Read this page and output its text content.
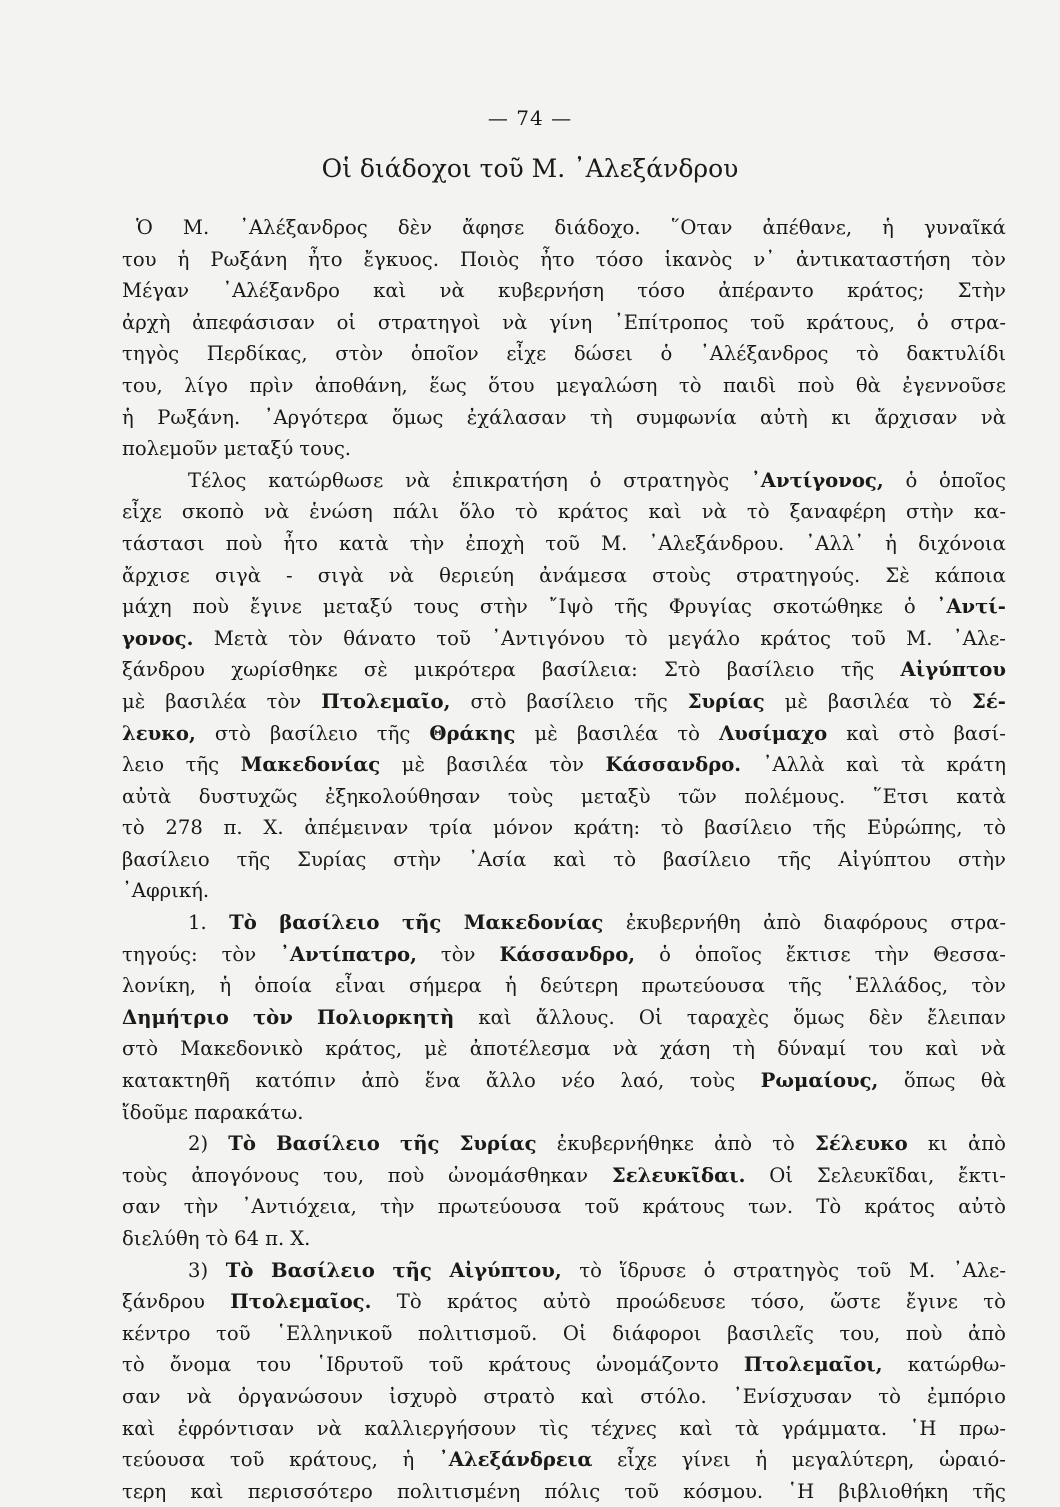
— 74 —
Οἱ διάδοχοι τοῦ Μ. ᾿Αλεξάνδρου
Ὁ Μ. ᾿Αλέξανδρος δὲν ἄφησε διάδοχο. ῞Οταν ἀπέθανε, ἡ γυναῖκά
του ἡ Ρωξάνη ἦτο ἔγκυος. Ποιὸς ἦτο τόσο ἱκανὸς ν᾿ ἀντικαταστήση τὸν
Μέγαν ᾿Αλέξανδρο καὶ νὰ κυβερνήση τόσο ἀπέραντο κράτος; Στὴν
ἀρχὴ ἀπεφάσισαν οἱ στρατηγοὶ νὰ γίνη ᾿Επίτροπος τοῦ κράτους, ὁ στρα-
τηγὸς Περδίκας, στὸν ὁποῖον εἶχε δώσει ὁ ᾿Αλέξανδρος τὸ δακτυλίδι
του, λίγο πρὶν ἀποθάνη, ἕως ὅτου μεγαλώση τὸ παιδὶ ποὺ θὰ ἐγεννοῦσε
ἡ Ρωξάνη. ᾿Αργότερα ὅμως ἐχάλασαν τὴ συμφωνία αὐτὴ κι ἄρχισαν νὰ
πολεμοῦν μεταξύ τους.
Τέλος κατώρθωσε νὰ ἐπικρατήση ὁ στρατηγὸς ᾿Αντίγονος, ὁ ὁποῖος
εἶχε σκοπὸ νὰ ἑνώση πάλι ὅλο τὸ κράτος καὶ νὰ τὸ ξαναφέρη στὴν κα-
τάστασι ποὺ ἦτο κατὰ τὴν ἐποχὴ τοῦ Μ. ᾿Αλεξάνδρου. ᾿Αλλ᾿ ἡ διχόνοια
ἄρχισε σιγὰ - σιγὰ νὰ θεριεύη ἀνάμεσα στοὺς στρατηγούς. Σὲ κάποια
μάχη ποὺ ἔγινε μεταξύ τους στὴν ῎Ιψὸ τῆς Φρυγίας σκοτώθηκε ὁ ᾿Αντί-
γονος. Μετὰ τὸν θάνατο τοῦ ᾿Αντιγόνου τὸ μεγάλο κράτος τοῦ Μ. ᾿Αλε-
ξάνδρου χωρίσθηκε σὲ μικρότερα βασίλεια: Στὸ βασίλειο τῆς Αἰγύπτου
μὲ βασιλέα τὸν Πτολεμαῖο, στὸ βασίλειο τῆς Συρίας μὲ βασιλέα τὸ Σέ-
λευκο, στὸ βασίλειο τῆς Θράκης μὲ βασιλέα τὸ Λυσίμαχο καὶ στὸ βασί-
λειο τῆς Μακεδονίας μὲ βασιλέα τὸν Κάσσανδρο. ᾿Αλλὰ καὶ τὰ κράτη
αὐτὰ δυστυχῶς ἐξηκολούθησαν τοὺς μεταξὺ τῶν πολέμους. ῞Ετσι κατὰ
τὸ 278 π. Χ. ἀπέμειναν τρία μόνον κράτη: τὸ βασίλειο τῆς Εὐρώπης, τὸ
βασίλειο τῆς Συρίας στὴν ᾿Ασία καὶ τὸ βασίλειο τῆς Αἰγύπτου στὴν
᾿Αφρική.
1. Τὸ βασίλειο τῆς Μακεδονίας ἐκυβερνήθη ἀπὸ διαφόρους στρα-
τηγούς: τὸν ᾿Αντίπατρο, τὸν Κάσσανδρο, ὁ ὁποῖος ἔκτισε τὴν Θεσσα-
λονίκη, ἡ ὁποία εἶναι σήμερα ἡ δεύτερη πρωτεύουσα τῆς ῾Ελλάδος, τὸν
Δημήτριο τὸν Πολιορκητὴ καὶ ἄλλους. Οἱ ταραχὲς ὅμως δὲν ἔλειπαν
στὸ Μακεδονικὸ κράτος, μὲ ἀποτέλεσμα νὰ χάση τὴ δύναμί του καὶ νὰ
κατακτηθῆ κατόπιν ἀπὸ ἕνα ἄλλο νέο λαό, τοὺς Ρωμαίους, ὅπως θὰ
ἴδοῦμε παρακάτω.
2) Τὸ Βασίλειο τῆς Συρίας ἐκυβερνήθηκε ἀπὸ τὸ Σέλευκο κι ἀπὸ
τοὺς ἀπογόνους του, ποὺ ὠνομάσθηκαν Σελευκῖδαι. Οἱ Σελευκῖδαι, ἔκτι-
σαν τὴν ᾿Αντιόχεια, τὴν πρωτεύουσα τοῦ κράτους των. Τὸ κράτος αὐτὸ
διελύθη τὸ 64 π. Χ.
3) Τὸ Βασίλειο τῆς Αἰγύπτου, τὸ ἵδρυσε ὁ στρατηγὸς τοῦ Μ. ᾿Αλε-
ξάνδρου Πτολεμαῖος. Τὸ κράτος αὐτὸ προώδευσε τόσο, ὥστε ἔγινε τὸ
κέντρο τοῦ ῾Ελληνικοῦ πολιτισμοῦ. Οἱ διάφοροι βασιλεῖς του, ποὺ ἀπὸ
τὸ ὄνομα του ῾Ιδρυτοῦ τοῦ κράτους ὠνομάζοντο Πτολεμαῖοι, κατώρθω-
σαν νὰ ὀργανώσουν ἰσχυρὸ στρατὸ καὶ στόλο. ᾿Ενίσχυσαν τὸ ἐμπόριο
καὶ ἐφρόντισαν νὰ καλλιεργήσουν τὶς τέχνες καὶ τὰ γράμματα. ῾Η πρω-
τεύουσα τοῦ κράτους, ἡ ᾿Αλεξάνδρεια εἶχε γίνει ἡ μεγαλύτερη, ὡραιό-
τερη καὶ περισσότερο πολιτισμένη πόλις τοῦ κόσμου. ῾Η βιβλιοθήκη τῆς
